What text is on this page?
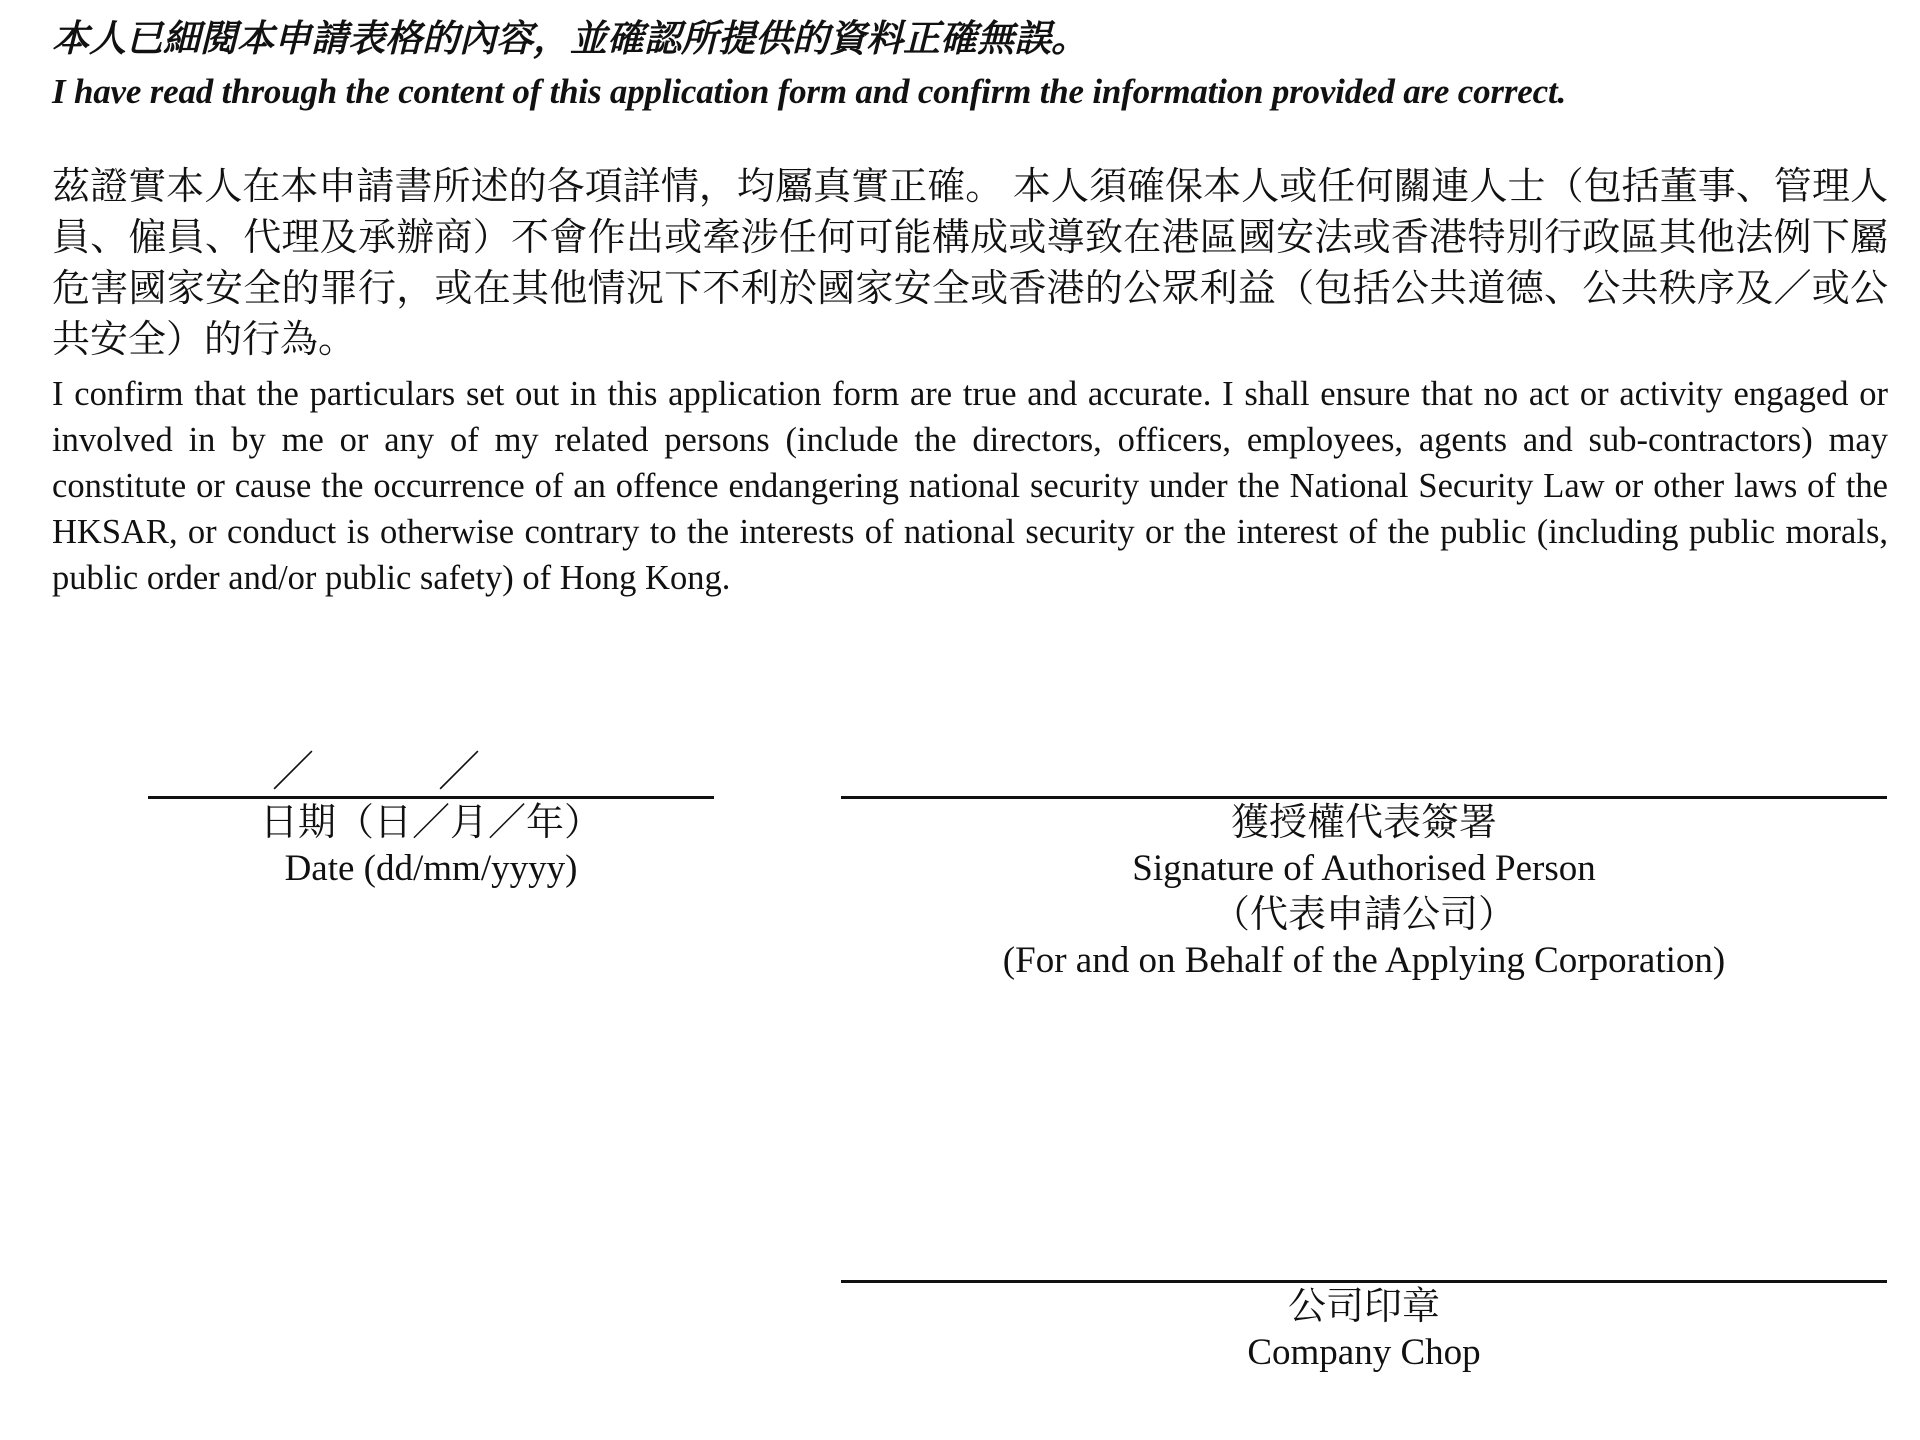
本人已細閱本申請表格的內容，並確認所提供的資料正確無誤。
I have read through the content of this application form and confirm the information provided are correct.
茲證實本人在本申請書所述的各項詳情，均屬真實正確。 本人須確保本人或任何關連人士（包括董事、管理人員、僱員、代理及承辦商）不會作出或牽涉任何可能構成或導致在港區國安法或香港特別行政區其他法例下屬危害國家安全的罪行，或在其他情況下不利於國家安全或香港的公眾利益（包括公共道德、公共秩序及／或公共安全）的行為。
I confirm that the particulars set out in this application form are true and accurate. I shall ensure that no act or activity engaged or involved in by me or any of my related persons (include the directors, officers, employees, agents and sub-contractors) may constitute or cause the occurrence of an offence endangering national security under the National Security Law or other laws of the HKSAR, or conduct is otherwise contrary to the interests of national security or the interest of the public (including public morals, public order and/or public safety) of Hong Kong.
／	／
日期（日／月／年）
Date (dd/mm/yyyy)
獲授權代表簽署
Signature of Authorised Person
（代表申請公司）
(For and on Behalf of the Applying Corporation)
公司印章
Company Chop
